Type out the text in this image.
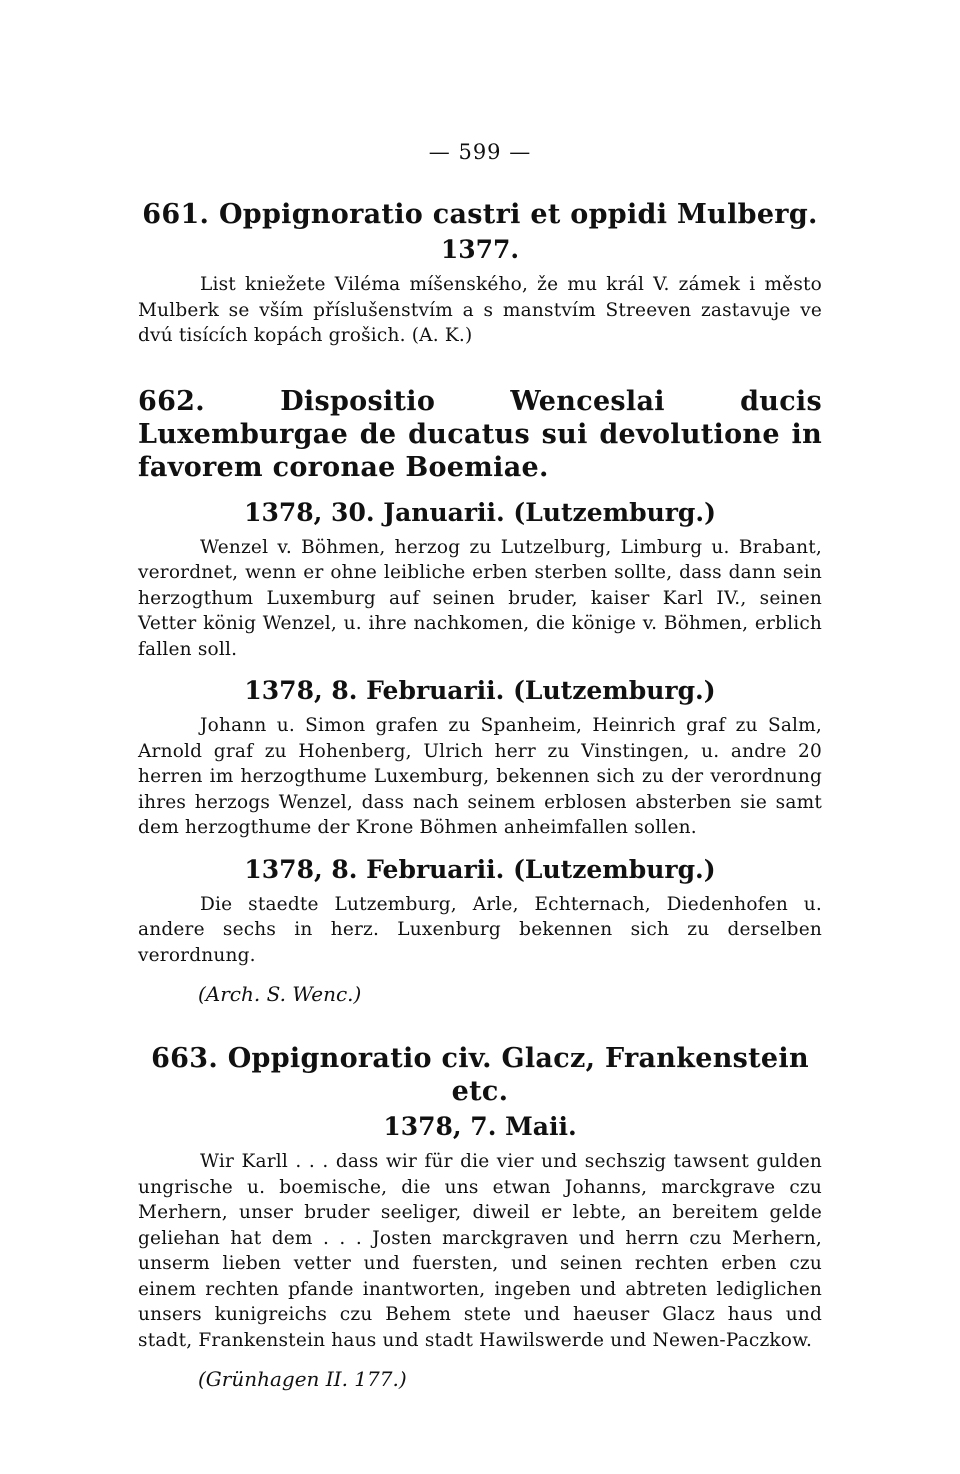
— 599 —
661. Oppignoratio castri et oppidi Mulberg.
1377.

List kniežete Viléma míšenského, že mu král V. zámek i město Mulberk se vším příslušenstvím a s manstvím Streeven zastavuje ve dvú tisících kopách grošich. (A. K.)

662. Dispositio Wenceslai ducis Luxemburgae de ducatus sui devolutione in favorem coronae Boemiae.
1378, 30. Januarii. (Lutzemburg.)

Wenzel v. Böhmen, herzog zu Lutzelburg, Limburg u. Brabant, verordnet, wenn er ohne leibliche erben sterben sollte, dass dann sein herzogthum Luxemburg auf seinen bruder, kaiser Karl IV., seinen Vetter könig Wenzel, u. ihre nachkomen, die könige v. Böhmen, erblich fallen soll.

1378, 8. Februarii. (Lutzemburg.)

Johann u. Simon grafen zu Spanheim, Heinrich graf zu Salm, Arnold graf zu Hohenberg, Ulrich herr zu Vinstingen, u. andre 20 herren im herzogthume Luxemburg, bekennen sich zu der verordnung ihres herzogs Wenzel, dass nach seinem erblosen absterben sie samt dem herzogthume der Krone Böhmen anheimfallen sollen.

1378, 8. Februarii. (Lutzemburg.)

Die staedte Lutzemburg, Arle, Echternach, Diedenhofen u. andere sechs in herz. Luxenburg bekennen sich zu derselben verordnung.

(Arch. S. Wenc.)
663. Oppignoratio civ. Glacz, Frankenstein etc.
1378, 7. Maii.

Wir Karll . . . dass wir für die vier und sechszig tawsent gulden ungrische u. boemische, die uns etwan Johanns, marckgrave czu Merhern, unser bruder seeliger, diweil er lebte, an bereitem gelde geliehan hat dem . . . Josten marckgraven und herrn czu Merhern, unserm lieben vetter und fuersten, und seinen rechten erben czu einem rechten pfande inantworten, ingeben und abtreten lediglichen unsers kunigreichs czu Behem stete und haeuser Glacz haus und stadt, Frankenstein haus und stadt Hawilswerde und Newen-Paczkow.

(Grünhagen II. 177.)
